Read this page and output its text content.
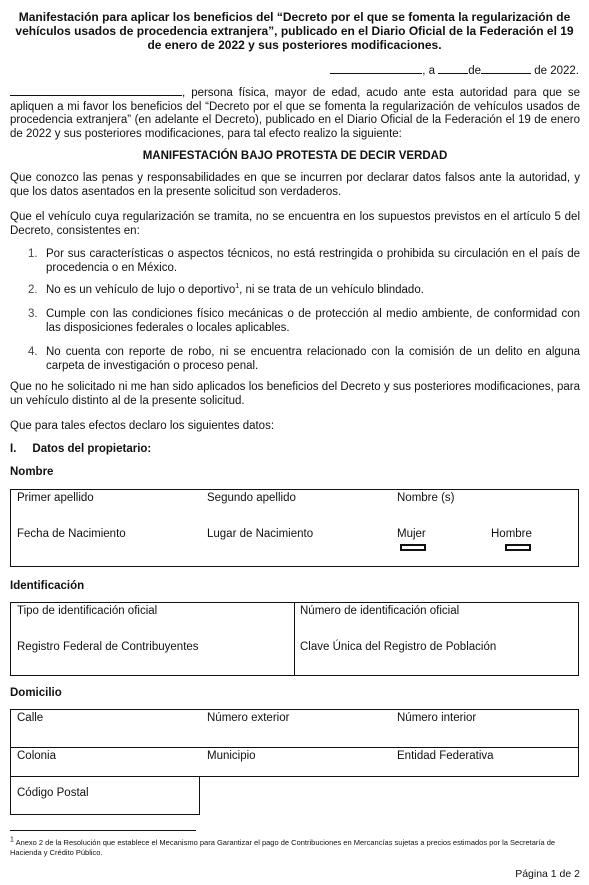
Manifestación para aplicar los beneficios del “Decreto por el que se fomenta la regularización de vehículos usados de procedencia extranjera”, publicado en el Diario Oficial de la Federación el 19 de enero de 2022 y sus posteriores modificaciones.
, a	de	de 2022.
, persona física, mayor de edad, acudo ante esta autoridad para que se apliquen a mi favor los beneficios del “Decreto por el que se fomenta la regularización de vehículos usados de procedencia extranjera” (en adelante el Decreto), publicado en el Diario Oficial de la Federación el 19 de enero de 2022 y sus posteriores modificaciones, para tal efecto realizo la siguiente:
MANIFESTACIÓN BAJO PROTESTA DE DECIR VERDAD
Que conozco las penas y responsabilidades en que se incurren por declarar datos falsos ante la autoridad, y que los datos asentados en la presente solicitud son verdaderos.
Que el vehículo cuya regularización se tramita, no se encuentra en los supuestos previstos en el artículo 5 del Decreto, consistentes en:
1. Por sus características o aspectos técnicos, no está restringida o prohibida su circulación en el país de procedencia o en México.
2. No es un vehículo de lujo o deportivo$^1$, ni se trata de un vehículo blindado.
3. Cumple con las condiciones físico mecánicas o de protección al medio ambiente, de conformidad con las disposiciones federales o locales aplicables.
4. No cuenta con reporte de robo, ni se encuentra relacionado con la comisión de un delito en alguna carpeta de investigación o proceso penal.
Que no he solicitado ni me han sido aplicados los beneficios del Decreto y sus posteriores modificaciones, para un vehículo distinto al de la presente solicitud.
Que para tales efectos declaro los siguientes datos:
I. Datos del propietario:
Nombre
Primer apellido	Segundo apellido	Nombre (s)
Fecha de Nacimiento	Lugar de Nacimiento	Mujer	Hombre
Identificación
Tipo de identificación oficial	Número de identificación oficial
Registro Federal de Contribuyentes	Clave Única del Registro de Población
Domicilio
Calle	Número exterior	Número interior
Colonia	Municipio	Entidad Federativa
Código Postal
$^1$ Anexo 2 de la Resolución que establece el Mecanismo para Garantizar el pago de Contribuciones en Mercancías sujetas a precios estimados por la Secretaría de Hacienda y Crédito Público.
Página 1 de 2
